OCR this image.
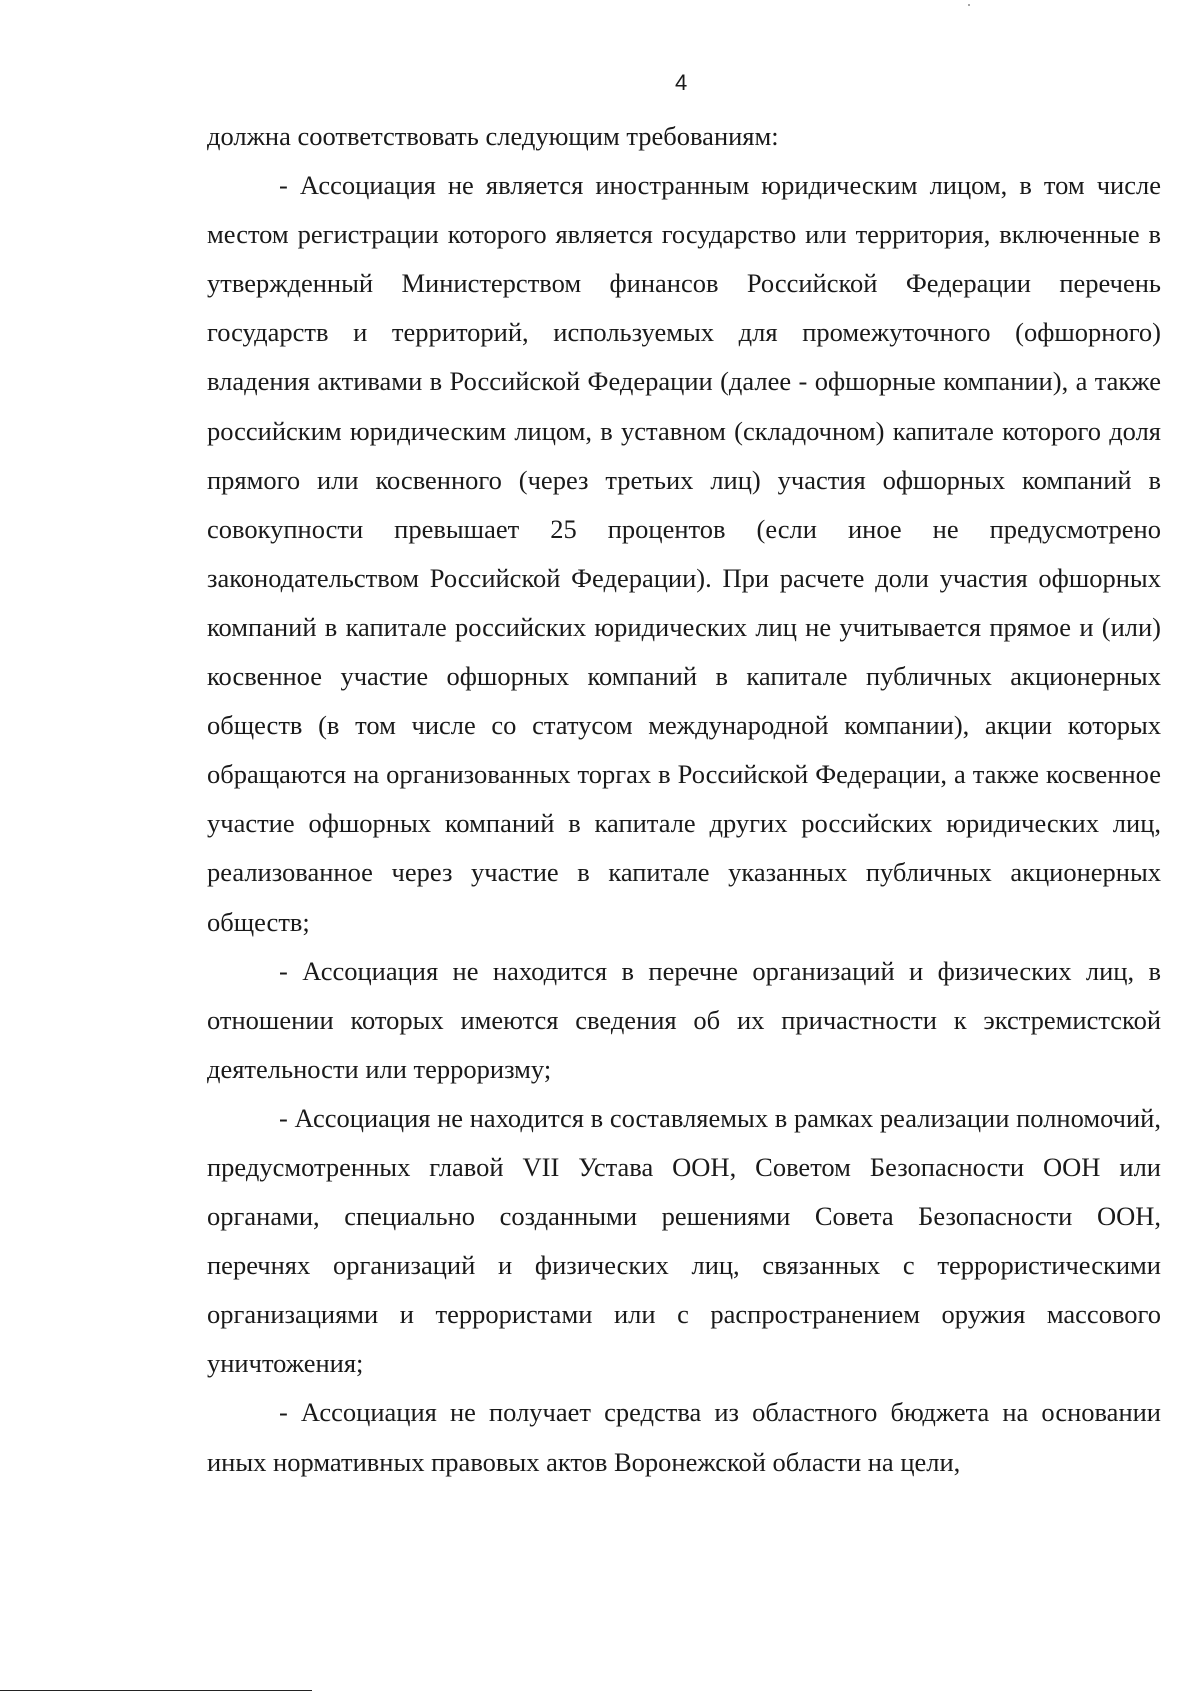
4

должна соответствовать следующим требованиям:

- Ассоциация не является иностранным юридическим лицом, в том числе местом регистрации которого является государство или территория, включенные в утвержденный Министерством финансов Российской Федерации перечень государств и территорий, используемых для промежуточного (офшорного) владения активами в Российской Федерации (далее - офшорные компании), а также российским юридическим лицом, в уставном (складочном) капитале которого доля прямого или косвенного (через третьих лиц) участия офшорных компаний в совокупности превышает 25 процентов (если иное не предусмотрено законодательством Российской Федерации). При расчете доли участия офшорных компаний в капитале российских юридических лиц не учитывается прямое и (или) косвенное участие офшорных компаний в капитале публичных акционерных обществ (в том числе со статусом международной компании), акции которых обращаются на организованных торгах в Российской Федерации, а также косвенное участие офшорных компаний в капитале других российских юридических лиц, реализованное через участие в капитале указанных публичных акционерных обществ;

- Ассоциация не находится в перечне организаций и физических лиц, в отношении которых имеются сведения об их причастности к экстремистской деятельности или терроризму;

- Ассоциация не находится в составляемых в рамках реализации полномочий, предусмотренных главой VII Устава ООН, Советом Безопасности ООН или органами, специально созданными решениями Совета Безопасности ООН, перечнях организаций и физических лиц, связанных с террористическими организациями и террористами или с распространением оружия массового уничтожения;

- Ассоциация не получает средства из областного бюджета на основании иных нормативных правовых актов Воронежской области на цели,
